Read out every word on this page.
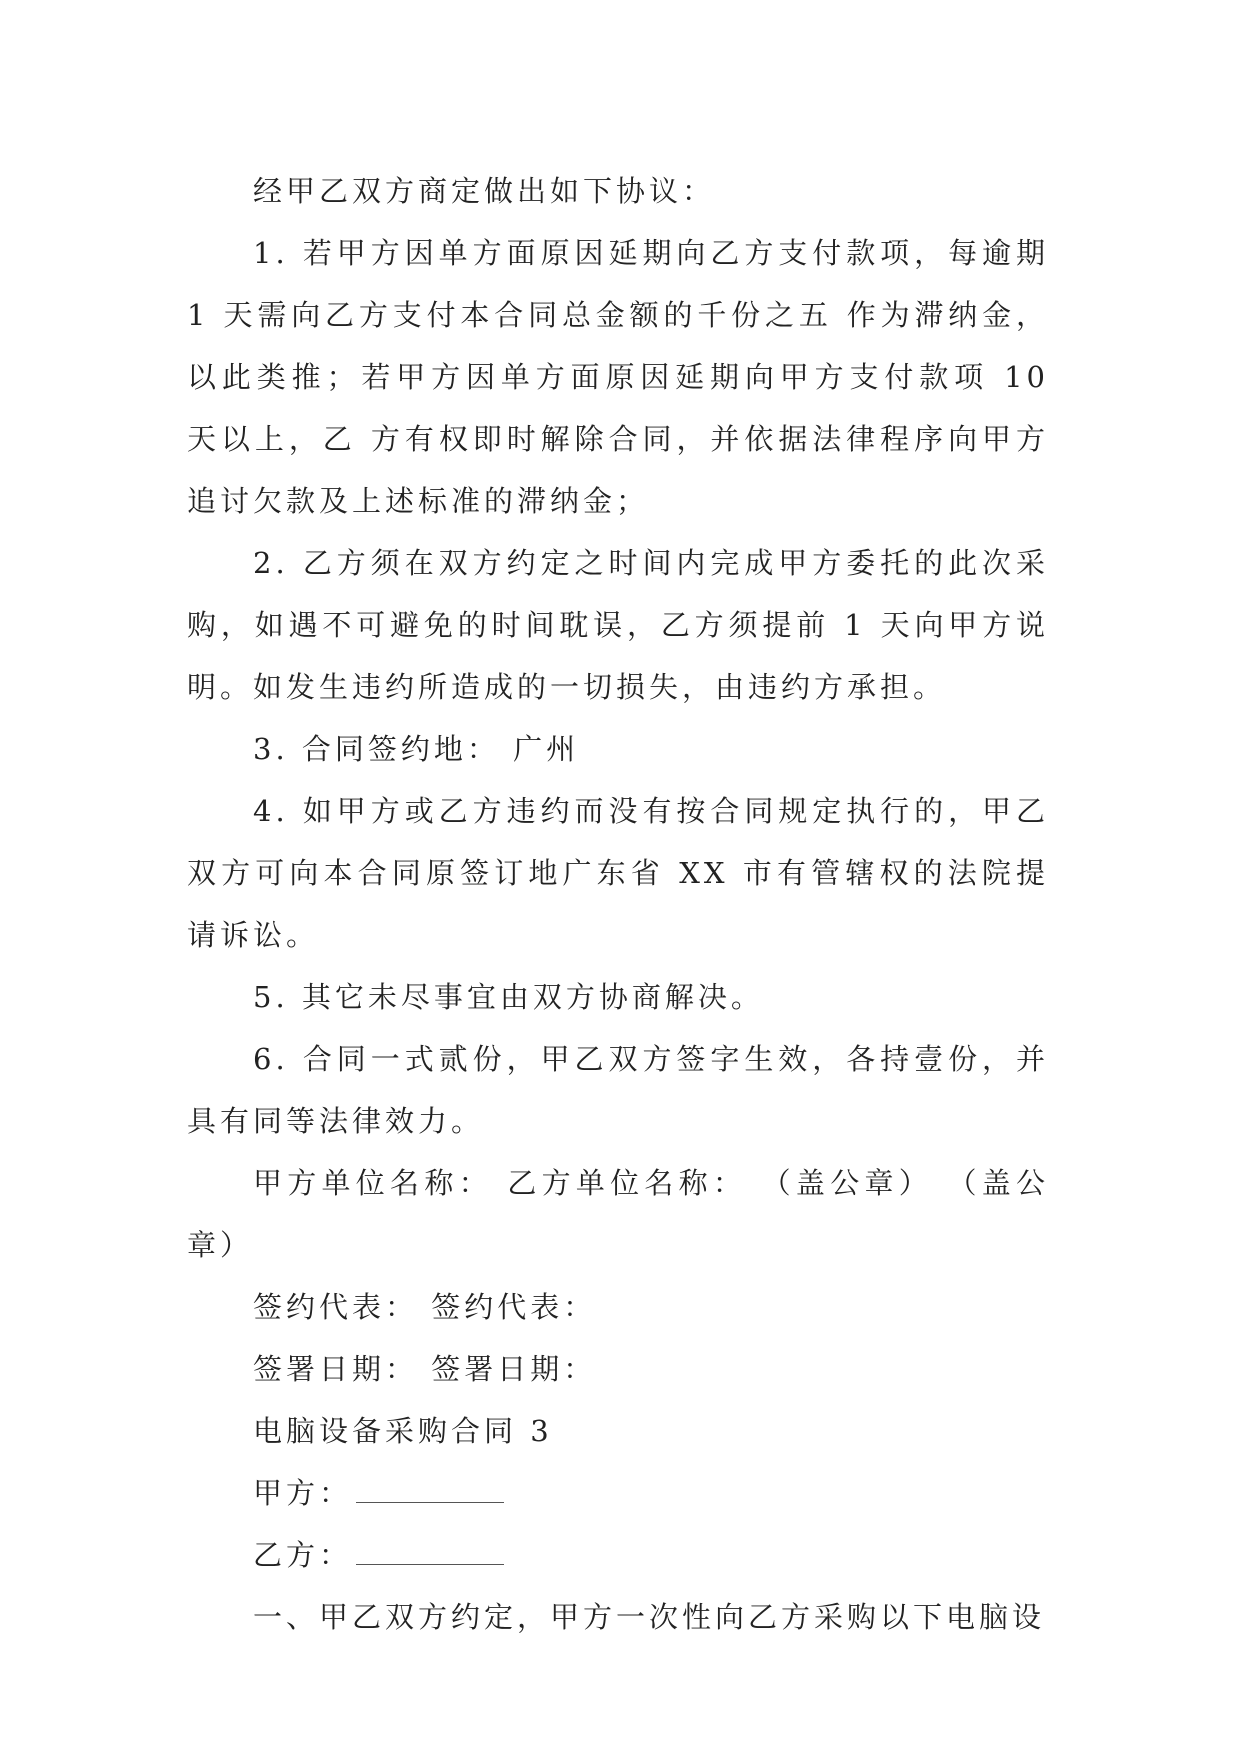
经甲乙双方商定做出如下协议：

1. 若甲方因单方面原因延期向乙方支付款项，每逾期 1 天需向乙方支付本合同总金额的千份之五 作为滞纳金，以此类推；若甲方因单方面原因延期向甲方支付款项 10 天以上，乙 方有权即时解除合同，并依据法律程序向甲方追讨欠款及上述标准的滞纳金；

2. 乙方须在双方约定之时间内完成甲方委托的此次采购，如遇不可避免的时间耽误，乙方须提前 1 天向甲方说明。如发生违约所造成的一切损失，由违约方承担。

3. 合同签约地： 广州

4. 如甲方或乙方违约而没有按合同规定执行的，甲乙双方可向本合同原签订地广东省 XX 市有管辖权的法院提请诉讼。

5. 其它未尽事宜由双方协商解决。

6. 合同一式贰份，甲乙双方签字生效，各持壹份，并具有同等法律效力。

甲方单位名称： 乙方单位名称： （盖公章） （盖公章）

签约代表： 签约代表：

签署日期： 签署日期：

电脑设备采购合同 3

甲方：

乙方：

一、甲乙双方约定，甲方一次性向乙方采购以下电脑设
